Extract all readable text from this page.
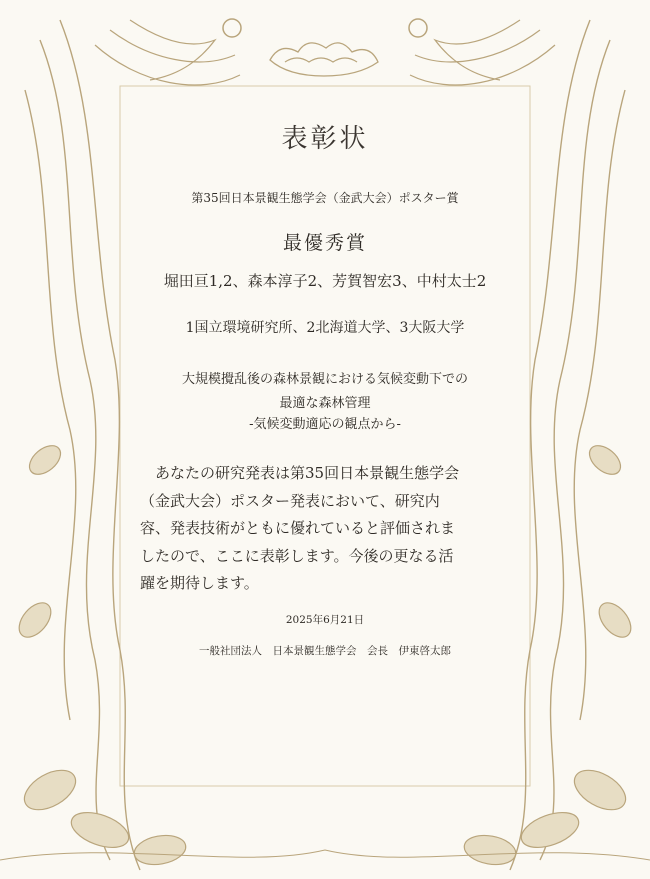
表彰状
第35回日本景観生態学会（金武大会）ポスター賞
最優秀賞
堀田亘1,2、森本淳子2、芳賀智宏3、中村太士2
1国立環境研究所、2北海道大学、3大阪大学
大規模攪乱後の森林景観における気候変動下での
最適な森林管理
-気候変動適応の観点から-
　あなたの研究発表は第35回日本景観生態学会
（金武大会）ポスター発表において、研究内
容、発表技術がともに優れていると評価されま
したので、ここに表彰します。今後の更なる活
躍を期待します。
2025年6月21日
一般社団法人　日本景観生態学会　会長　伊東啓太郎
